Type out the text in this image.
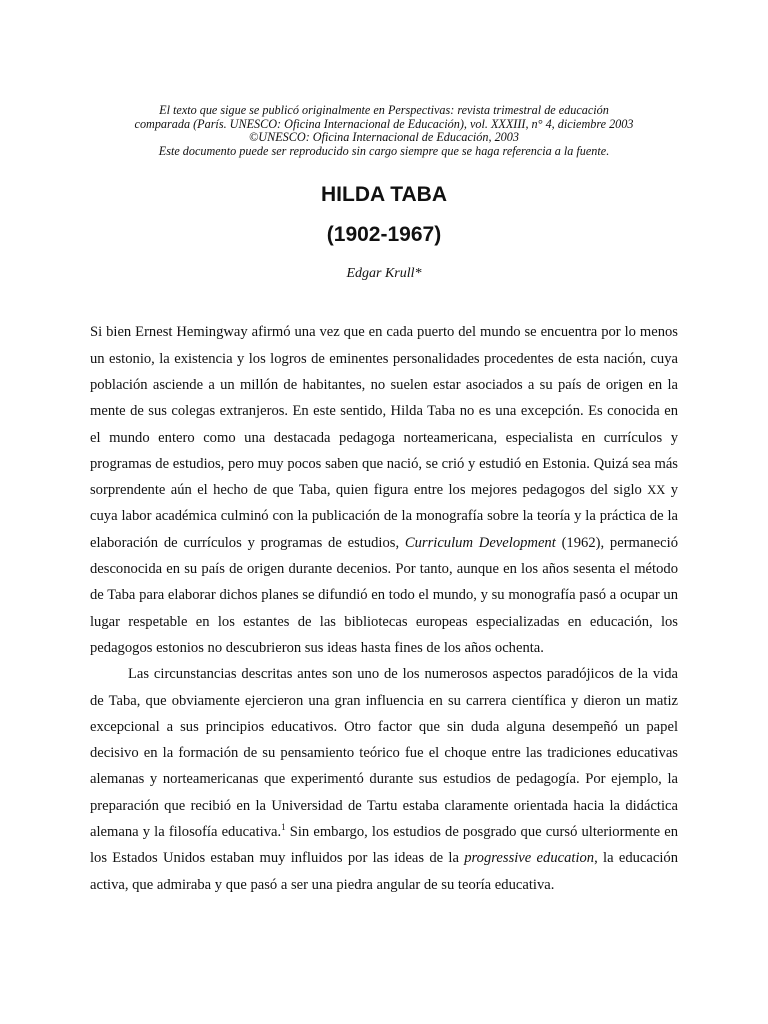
El texto que sigue se publicó originalmente en Perspectivas: revista trimestral de educación
comparada (París. UNESCO: Oficina Internacional de Educación), vol. XXXIII, n° 4, diciembre 2003
©UNESCO: Oficina Internacional de Educación, 2003
Este documento puede ser reproducido sin cargo siempre que se haga referencia a la fuente.
HILDA TABA
(1902-1967)
Edgar Krull*

Si bien Ernest Hemingway afirmó una vez que en cada puerto del mundo se encuentra por lo menos un estonio, la existencia y los logros de eminentes personalidades procedentes de esta nación, cuya población asciende a un millón de habitantes, no suelen estar asociados a su país de origen en la mente de sus colegas extranjeros. En este sentido, Hilda Taba no es una excepción. Es conocida en el mundo entero como una destacada pedagoga norteamericana, especialista en currículos y programas de estudios, pero muy pocos saben que nació, se crió y estudió en Estonia. Quizá sea más sorprendente aún el hecho de que Taba, quien figura entre los mejores pedagogos del siglo XX y cuya labor académica culminó con la publicación de la monografía sobre la teoría y la práctica de la elaboración de currículos y programas de estudios, Curriculum Development (1962), permaneció desconocida en su país de origen durante decenios. Por tanto, aunque en los años sesenta el método de Taba para elaborar dichos planes se difundió en todo el mundo, y su monografía pasó a ocupar un lugar respetable en los estantes de las bibliotecas europeas especializadas en educación, los pedagogos estonios no descubrieron sus ideas hasta fines de los años ochenta.

Las circunstancias descritas antes son uno de los numerosos aspectos paradójicos de la vida de Taba, que obviamente ejercieron una gran influencia en su carrera científica y dieron un matiz excepcional a sus principios educativos. Otro factor que sin duda alguna desempeñó un papel decisivo en la formación de su pensamiento teórico fue el choque entre las tradiciones educativas alemanas y norteamericanas que experimentó durante sus estudios de pedagogía. Por ejemplo, la preparación que recibió en la Universidad de Tartu estaba claramente orientada hacia la didáctica alemana y la filosofía educativa.$^1$ Sin embargo, los estudios de posgrado que cursó ulteriormente en los Estados Unidos estaban muy influidos por las ideas de la progressive education, la educación activa, que admiraba y que pasó a ser una piedra angular de su teoría educativa.
